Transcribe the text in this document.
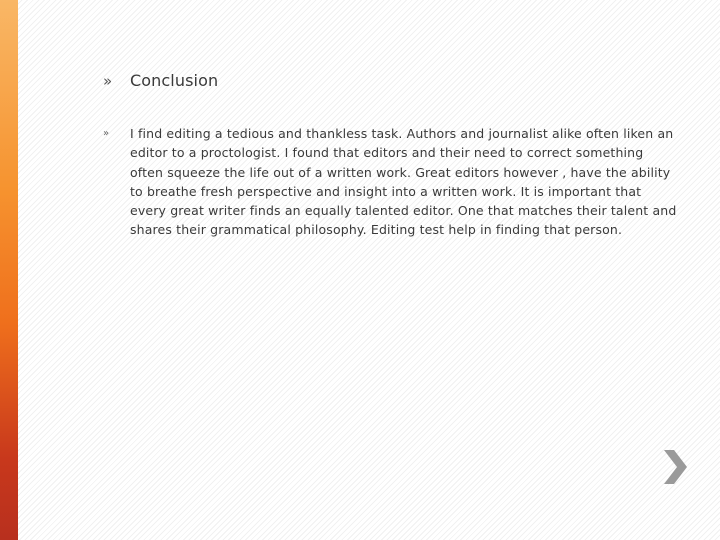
»	Conclusion
»	I find editing a tedious and thankless task. Authors and journalist alike often liken an editor to a proctologist. I found that editors and their need to correct something often squeeze the life out of a written work. Great editors however , have the ability to breathe fresh perspective and insight into a written work. It is important that every great writer finds an equally talented editor. One that matches their talent and shares their grammatical philosophy. Editing test help in finding that person.
